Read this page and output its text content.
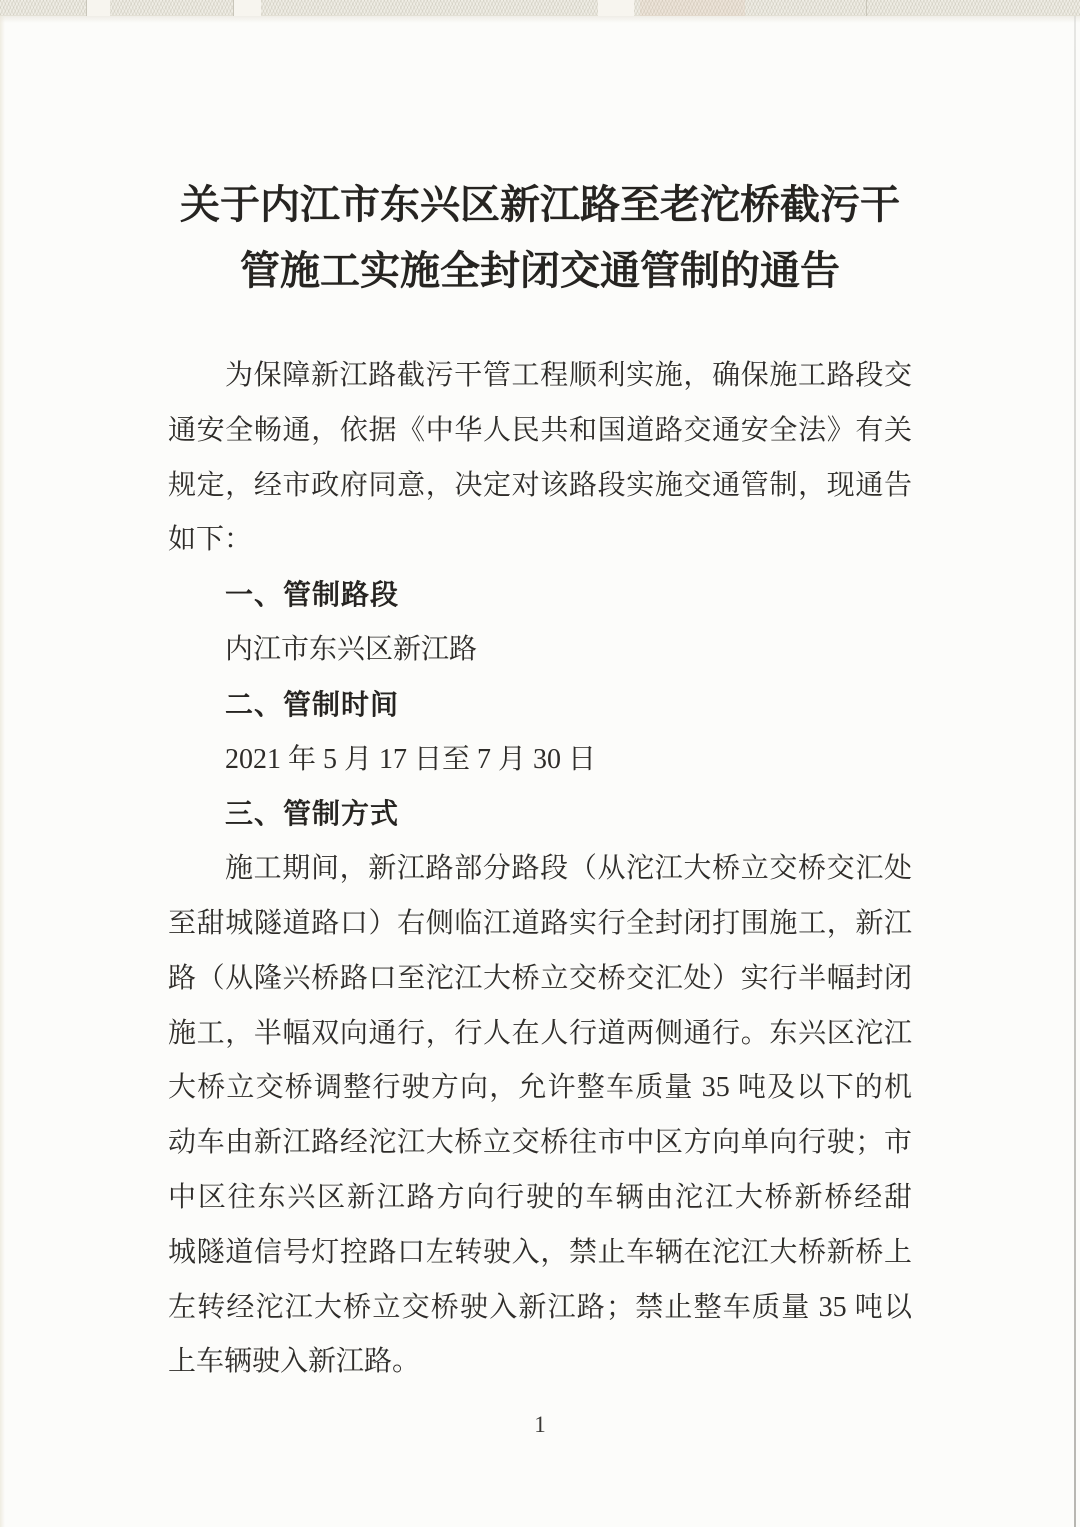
关于内江市东兴区新江路至老沱桥截污干
管施工实施全封闭交通管制的通告
为保障新江路截污干管工程顺利实施，确保施工路段交
通安全畅通，依据《中华人民共和国道路交通安全法》有关
规定，经市政府同意，决定对该路段实施交通管制，现通告
如下：
一、管制路段
内江市东兴区新江路
二、管制时间
2021 年 5 月 17 日至 7 月 30 日
三、管制方式
施工期间，新江路部分路段（从沱江大桥立交桥交汇处
至甜城隧道路口）右侧临江道路实行全封闭打围施工，新江
路（从隆兴桥路口至沱江大桥立交桥交汇处）实行半幅封闭
施工，半幅双向通行，行人在人行道两侧通行。东兴区沱江
大桥立交桥调整行驶方向，允许整车质量 35 吨及以下的机
动车由新江路经沱江大桥立交桥往市中区方向单向行驶；市
中区往东兴区新江路方向行驶的车辆由沱江大桥新桥经甜
城隧道信号灯控路口左转驶入，禁止车辆在沱江大桥新桥上
左转经沱江大桥立交桥驶入新江路；禁止整车质量 35 吨以
上车辆驶入新江路。
1
